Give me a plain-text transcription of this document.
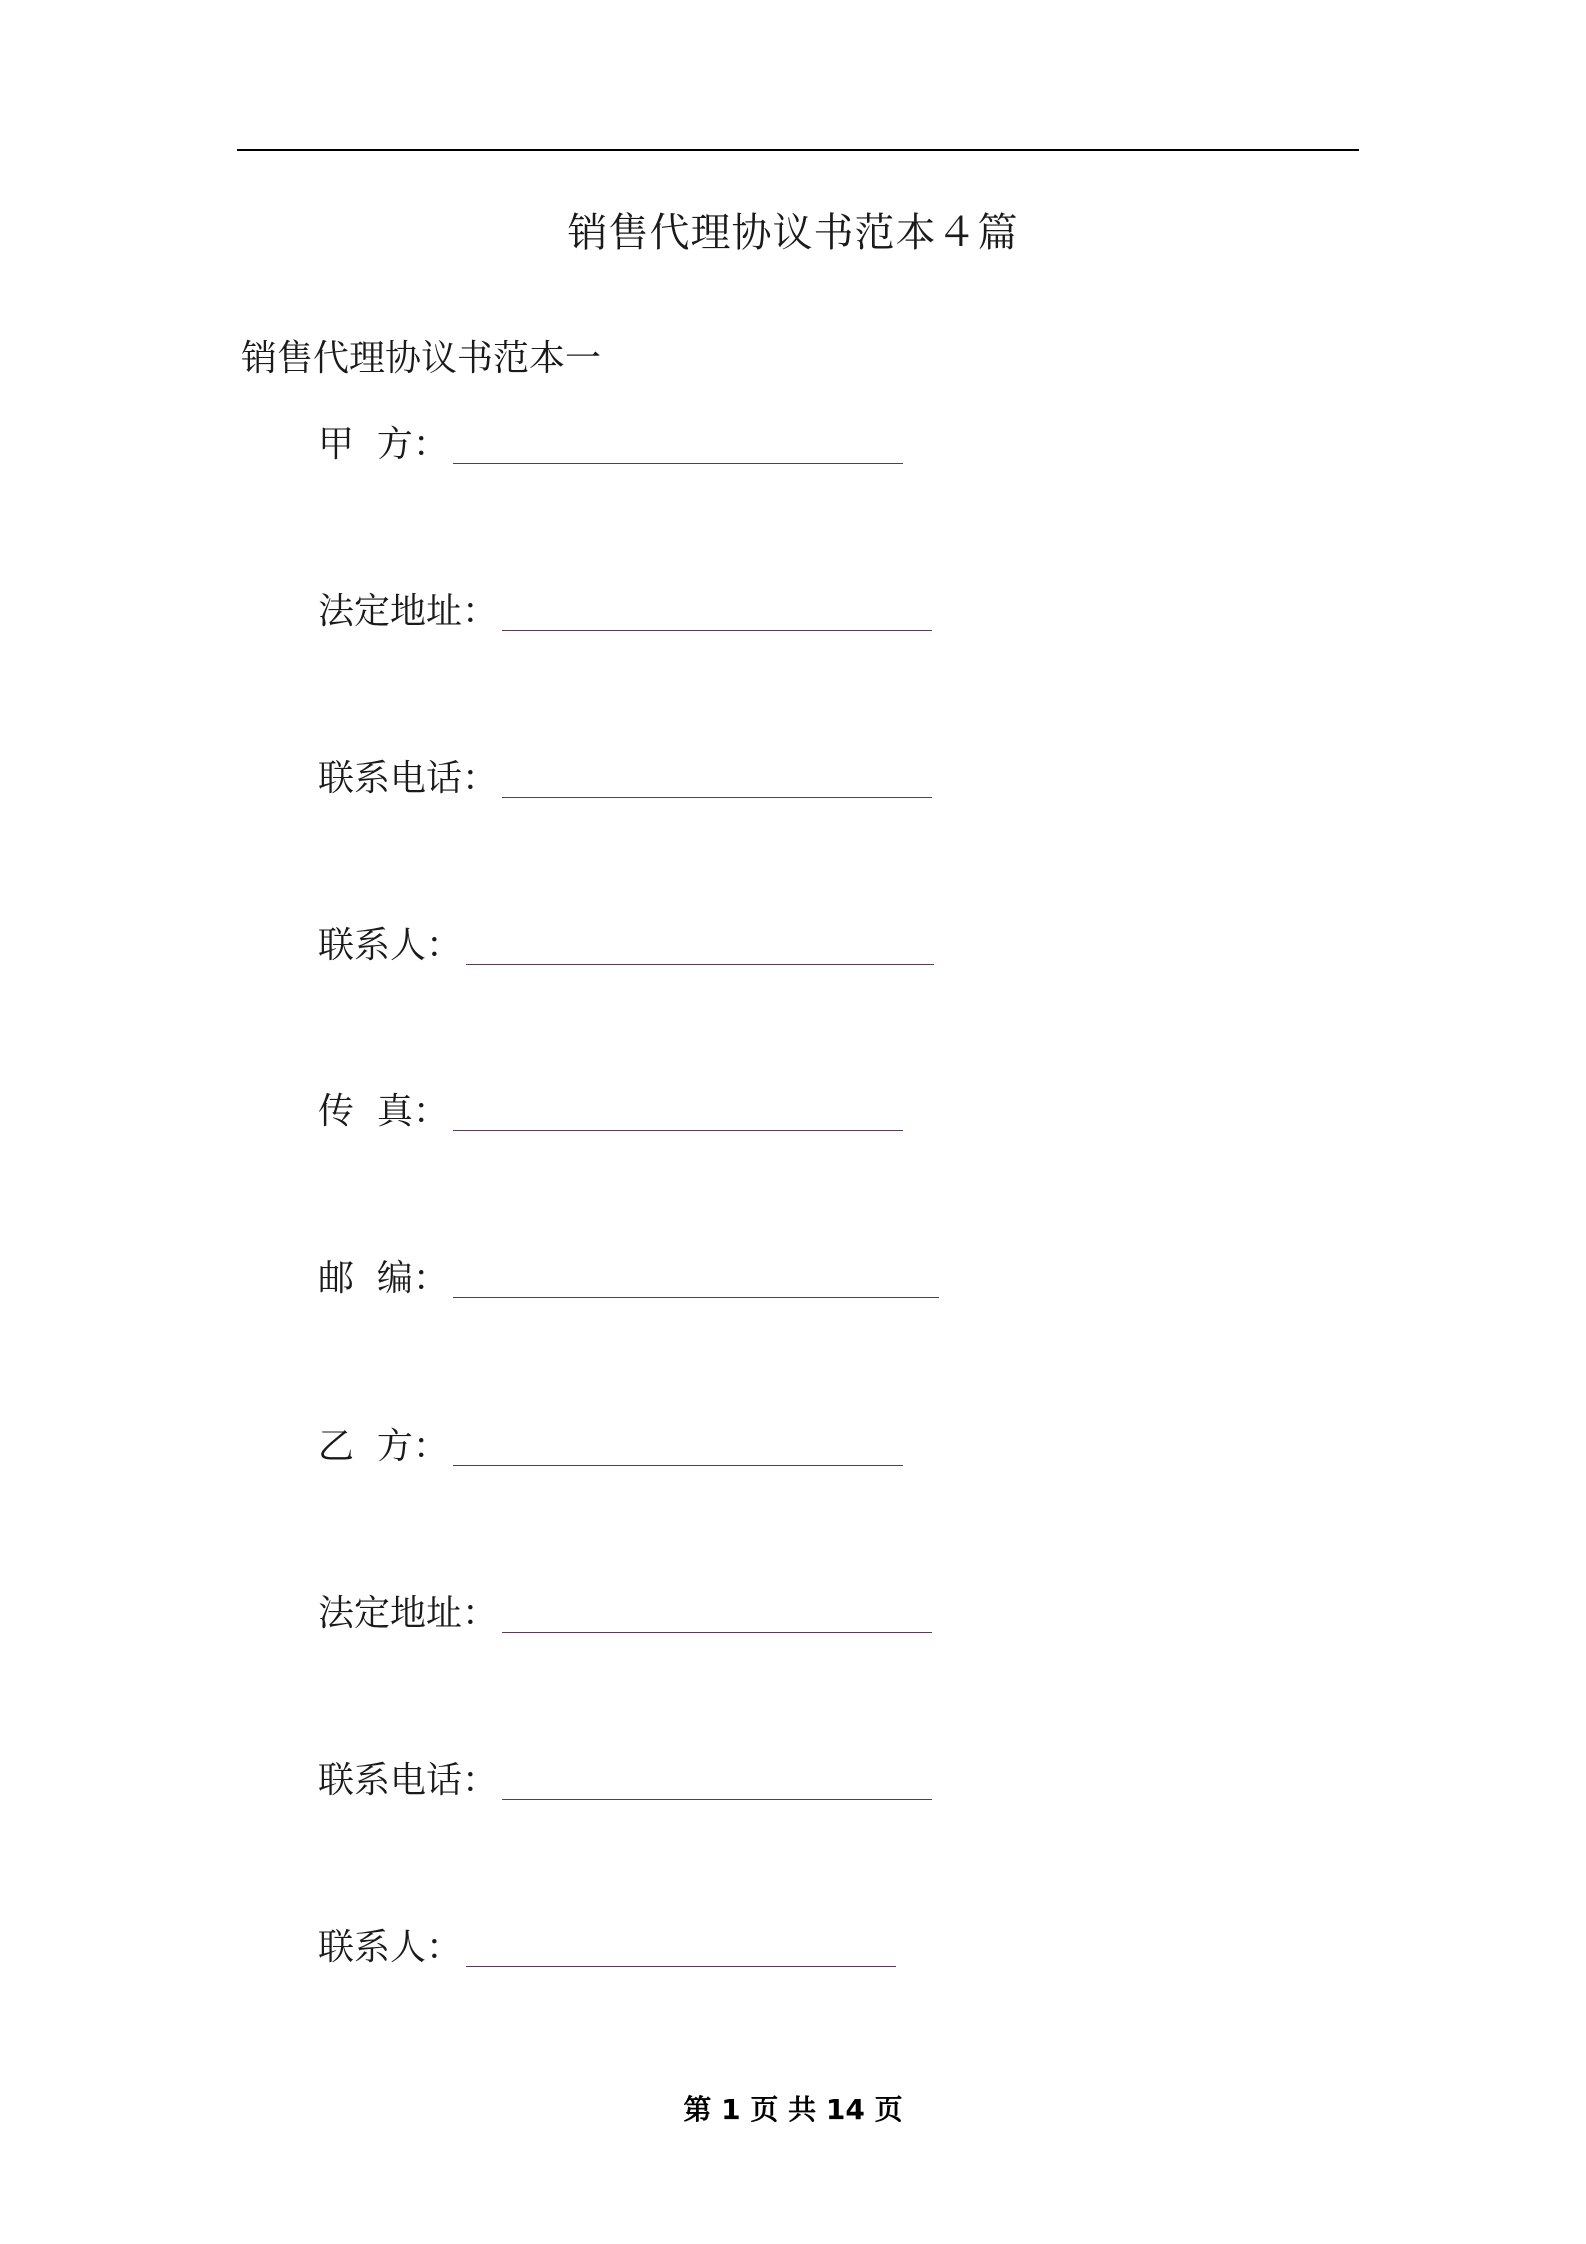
销售代理协议书范本４篇
销售代理协议书范本一
甲  方：
法定地址：
联系电话：
联系人：
传  真：
邮  编：
乙  方：
法定地址：
联系电话：
联系人：
第 1 页 共 14 页
